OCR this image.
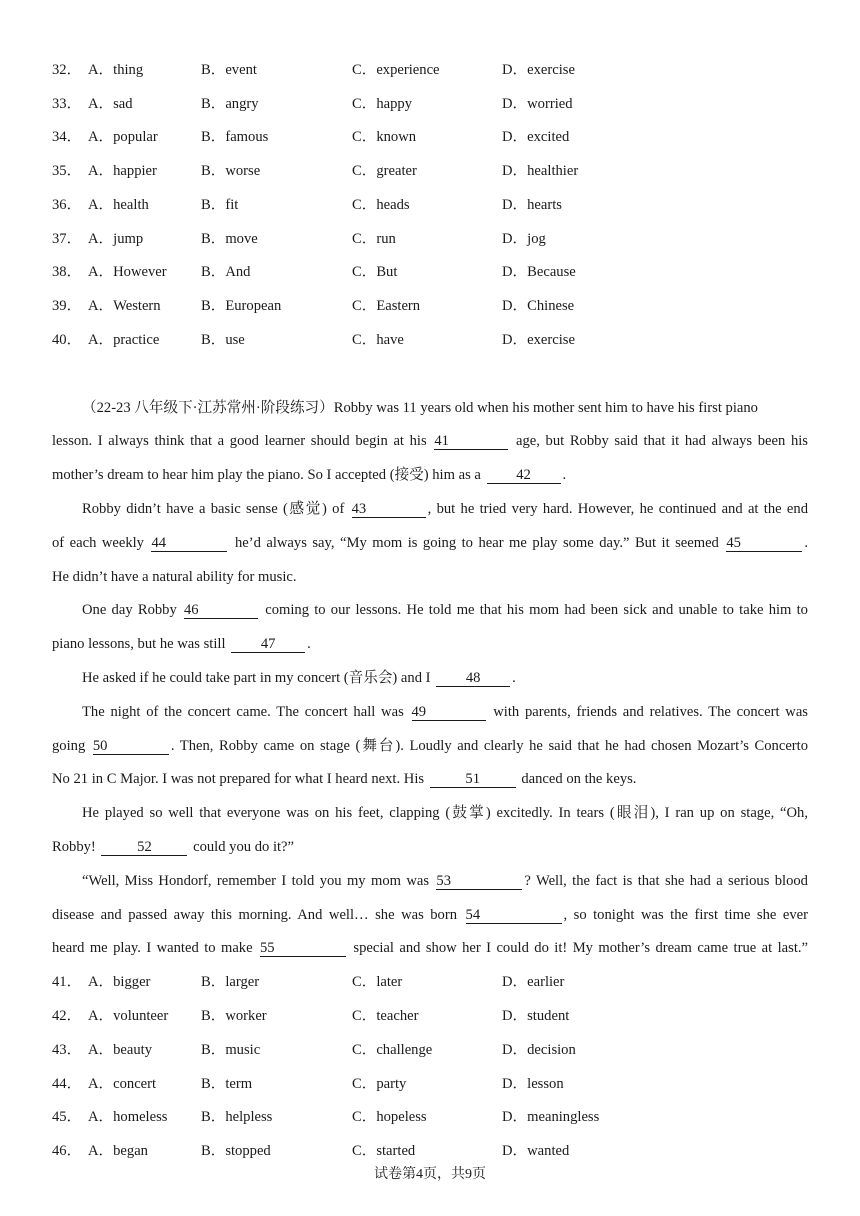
32． A．thing	B．event	C．experience	D．exercise
33． A．sad	B．angry	C．happy	D．worried
34． A．popular	B．famous	C．known	D．excited
35． A．happier	B．worse	C．greater	D．healthier
36． A．health	B．fit	C．heads	D．hearts
37． A．jump	B．move	C．run	D．jog
38． A．However B．And	C．But	D．Because
39． A．Western	B．European	C．Eastern	D．Chinese
40． A．practice	B．use	C．have	D．exercise
（22-23 八年级下·江苏常州·阶段练习）Robby was 11 years old when his mother sent him to have his first piano
lesson. I always think that a good learner should begin at his 41	age, but Robby said that it had always been his
mother’s dream to hear him play the piano. So I accepted (接受) him as a 42 .
Robby didn’t have a basic sense (感觉) of 43	, but he tried very hard. However, he continued and at the end
of each weekly 44	he’d always say, “My mom is going to hear me play some day.” But it seemed 45	.
He didn’t have a natural ability for music.
One day Robby 46	coming to our lessons. He told me that his mom had been sick and unable to take him to
piano lessons, but he was still 47 .
He asked if he could take part in my concert (音乐会) and I 48 .
The night of the concert came. The concert hall was 49	with parents, friends and relatives. The concert was
going 50	. Then, Robby came on stage (舞台). Loudly and clearly he said that he had chosen Mozart’s Concerto
No 21 in C Major. I was not prepared for what I heard next. His	51	danced on the keys.
He played so well that everyone was on his feet, clapping (鼓掌) excitedly. In tears (眼泪), I ran up on stage, “Oh,
Robby!	52	could you do it?”
“Well, Miss Hondorf, remember I told you my mom was 53	? Well, the fact is that she had a serious blood
disease and passed away this morning. And well… she was born 54	, so tonight was the first time she ever
heard me play. I wanted to make 55	special and show her I could do it! My mother’s dream came true at last.”
41． A．bigger	B．larger	C．later	D．earlier
42． A．volunteer B．worker	C．teacher	D．student
43． A．beauty	B．music	C．challenge	D．decision
44． A．concert	B．term	C．party	D．lesson
45． A．homeless B．helpless	C．hopeless	D．meaningless
46． A．began	B．stopped	C．started	D．wanted
试卷第4页，共9页
